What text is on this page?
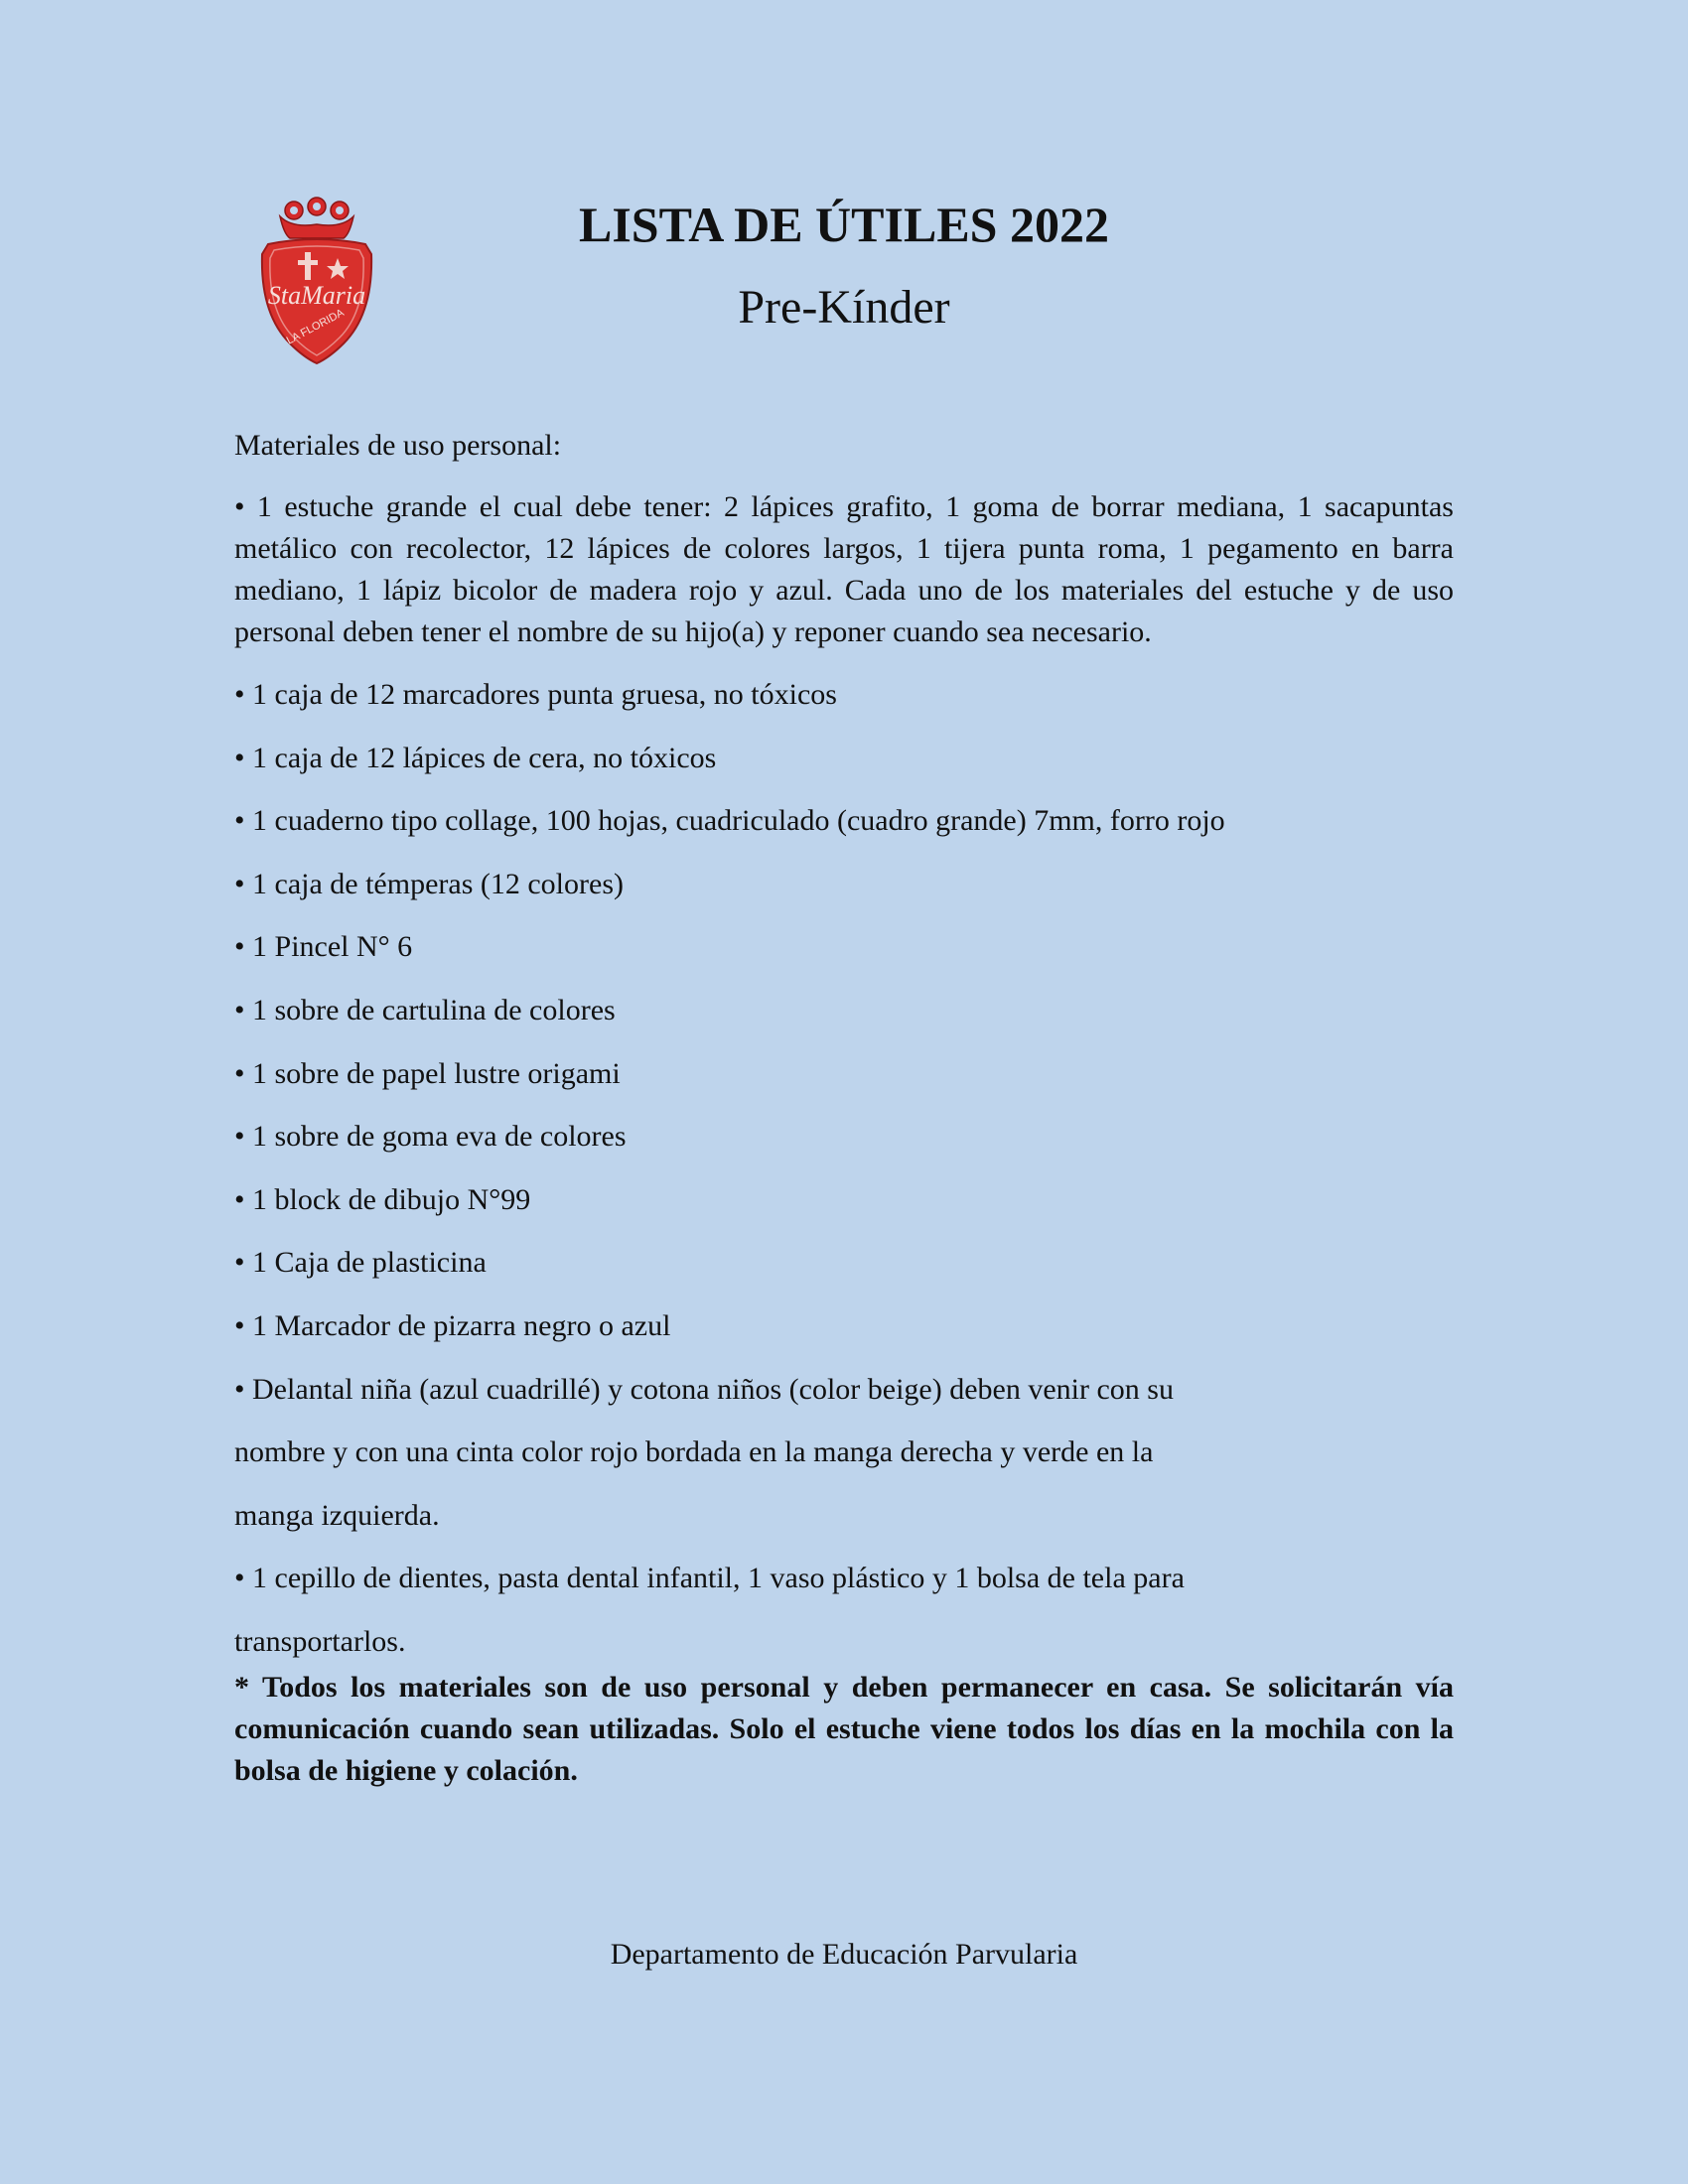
StaMaria
LA FLORIDA
LISTA DE ÚTILES 2022
Pre-Kínder
Materiales de uso personal:
• 1 estuche grande el cual debe tener: 2 lápices grafito, 1 goma de borrar mediana, 1 sacapuntas metálico con recolector, 12 lápices de colores largos, 1 tijera punta roma, 1 pegamento en barra mediano, 1 lápiz bicolor de madera rojo y azul. Cada uno de los materiales del estuche y de uso personal deben tener el nombre de su hijo(a) y reponer cuando sea necesario.
• 1 caja de 12 marcadores punta gruesa, no tóxicos
• 1 caja de 12 lápices de cera, no tóxicos
• 1 cuaderno tipo collage, 100 hojas, cuadriculado (cuadro grande) 7mm, forro rojo
• 1 caja de témperas (12 colores)
• 1 Pincel N° 6
• 1 sobre de cartulina de colores
• 1 sobre de papel lustre origami
• 1 sobre de goma eva de colores
• 1 block de dibujo N°99
• 1 Caja de plasticina
• 1 Marcador de pizarra negro o azul
• Delantal niña (azul cuadrillé) y cotona niños (color beige) deben venir con su
nombre y con una cinta color rojo bordada en la manga derecha y verde en la
manga izquierda.
• 1 cepillo de dientes, pasta dental infantil, 1 vaso plástico y 1 bolsa de tela para
transportarlos.
* Todos los materiales son de uso personal y deben permanecer en casa. Se solicitarán vía comunicación cuando sean utilizadas. Solo el estuche viene todos los días en la mochila con la bolsa de higiene y colación.
Departamento de Educación Parvularia
